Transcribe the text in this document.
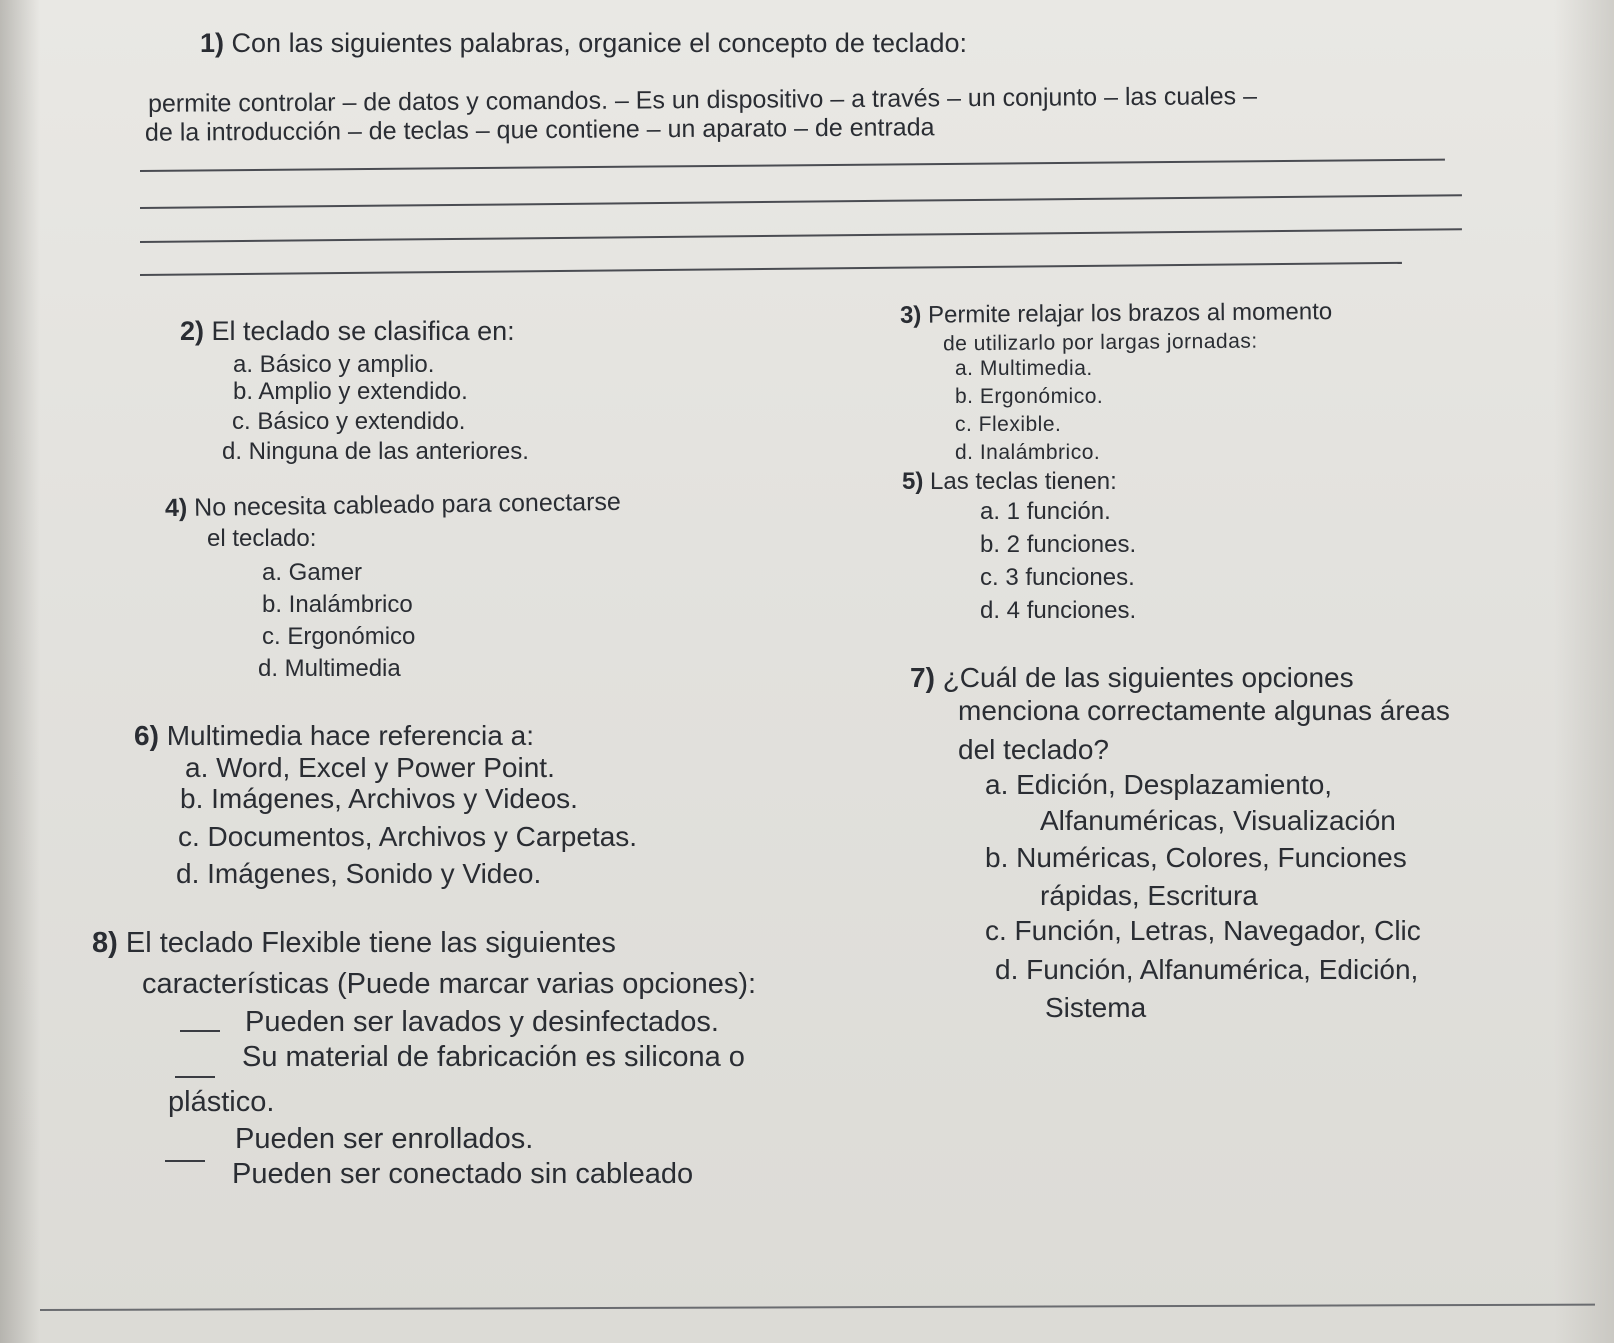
1) Con las siguientes palabras, organice el concepto de teclado:
permite controlar – de datos y comandos. – Es un dispositivo – a través – un conjunto – las cuales –
de la introducción – de teclas – que contiene – un aparato – de entrada
2) El teclado se clasifica en:
a. Básico y amplio.
b. Amplio y extendido.
c. Básico y extendido.
d. Ninguna de las anteriores.
3) Permite relajar los brazos al momento
de utilizarlo por largas jornadas:
a. Multimedia.
b. Ergonómico.
c. Flexible.
d. Inalámbrico.
4) No necesita cableado para conectarse
el teclado:
a. Gamer
b. Inalámbrico
c. Ergonómico
d. Multimedia
5) Las teclas tienen:
a. 1 función.
b. 2 funciones.
c. 3 funciones.
d. 4 funciones.
6) Multimedia hace referencia a:
a. Word, Excel y Power Point.
b. Imágenes, Archivos y Videos.
c. Documentos, Archivos y Carpetas.
d. Imágenes, Sonido y Video.
7) ¿Cuál de las siguientes opciones
menciona correctamente algunas áreas
del teclado?
a. Edición, Desplazamiento,
Alfanuméricas, Visualización
b. Numéricas, Colores, Funciones
rápidas, Escritura
c. Función, Letras, Navegador, Clic
d. Función, Alfanumérica, Edición,
Sistema
8) El teclado Flexible tiene las siguientes
características (Puede marcar varias opciones):
Pueden ser lavados y desinfectados.
Su material de fabricación es silicona o
plástico.
Pueden ser enrollados.
Pueden ser conectado sin cableado
